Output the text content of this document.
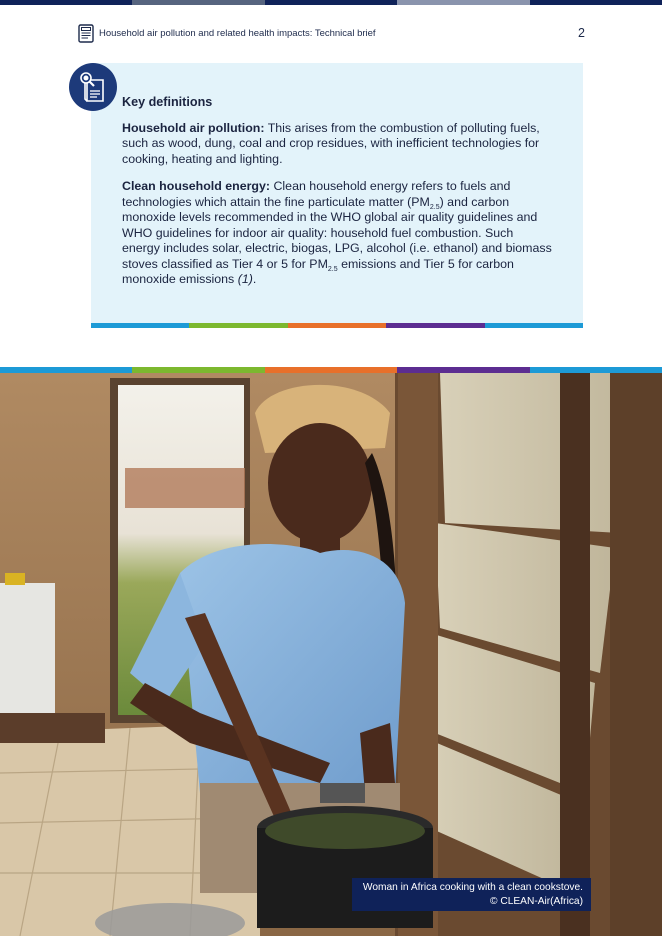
Household air pollution and related health impacts: Technical brief	2
Key definitions

Household air pollution: This arises from the combustion of polluting fuels, such as wood, dung, coal and crop residues, with inefficient technologies for cooking, heating and lighting.

Clean household energy: Clean household energy refers to fuels and technologies which attain the fine particulate matter $(PM_{2.5})$ and carbon monoxide levels recommended in the WHO global air quality guidelines and WHO guidelines for indoor air quality: household fuel combustion. Such energy includes solar, electric, biogas, LPG, alcohol (i.e. ethanol) and biomass stoves classified as Tier 4 or 5 for $PM_{2.5}$ emissions and Tier 5 for carbon monoxide emissions (1).

Woman in Africa cooking with a clean cookstove.
© CLEAN-Air(Africa)
